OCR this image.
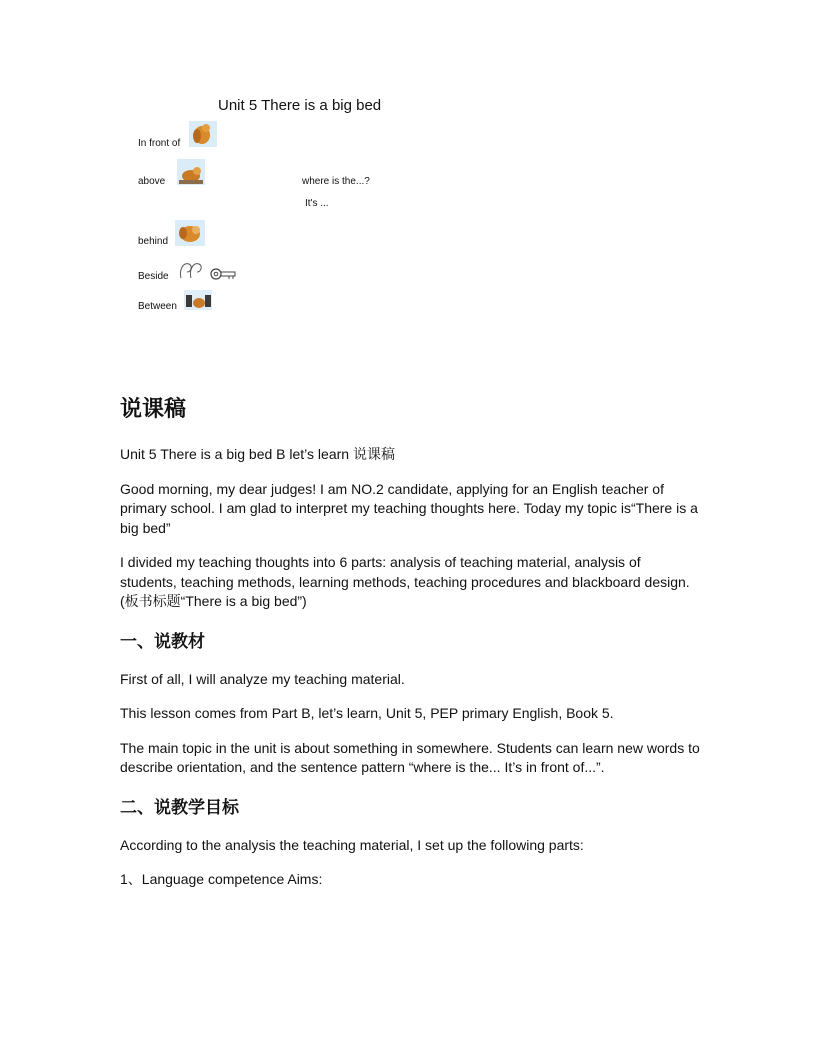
Unit 5 There is a big bed
In front of
above	where is the...?
It's ...
behind
Beside
Between
说课稿

Unit 5 There is a big bed B let’s learn 说课稿

Good morning, my dear judges! I am NO.2 candidate, applying for an English teacher of primary school. I am glad to interpret my teaching thoughts here. Today my topic is“There is a big bed”

I divided my teaching thoughts into 6 parts: analysis of teaching material, analysis of students, teaching methods, learning methods, teaching procedures and blackboard design. (板书标题“There is a big bed”)

一、说教材

First of all, I will analyze my teaching material.

This lesson comes from Part B, let’s learn, Unit 5, PEP primary English, Book 5.

The main topic in the unit is about something in somewhere. Students can learn new words to describe orientation, and the sentence pattern “where is the... It’s in front of...”.

二、说教学目标

According to the analysis the teaching material, I set up the following parts:

1、Language competence Aims:
